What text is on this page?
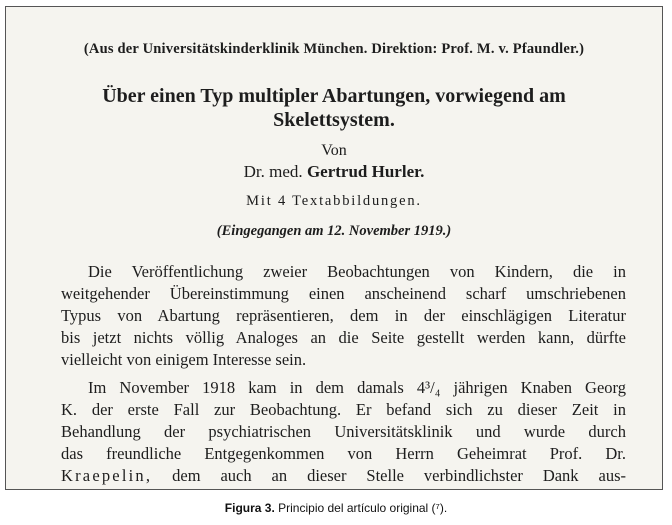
(Aus der Universitätskinderklinik München. Direktion: Prof. M. v. Pfaundler.)
Über einen Typ multipler Abartungen, vorwiegend am
Skelettsystem.
Von
Dr. med. Gertrud Hurler.
Mit 4 Textabbildungen.
(Eingegangen am 12. November 1919.)
Die Veröffentlichung zweier Beobachtungen von Kindern, die in
weitgehender Übereinstimmung einen anscheinend scharf umschriebenen
Typus von Abartung repräsentieren, dem in der einschlägigen Literatur
bis jetzt nichts völlig Analoges an die Seite gestellt werden kann, dürfte
vielleicht von einigem Interesse sein.
Im November 1918 kam in dem damals 4³/₄ jährigen Knaben Georg
K. der erste Fall zur Beobachtung. Er befand sich zu dieser Zeit in
Behandlung der psychiatrischen Universitätsklinik und wurde durch
das freundliche Entgegenkommen von Herrn Geheimrat Prof. Dr.
Kraepelin, dem auch an dieser Stelle verbindlichster Dank aus-
Figura 3. Principio del artículo original (⁷).
